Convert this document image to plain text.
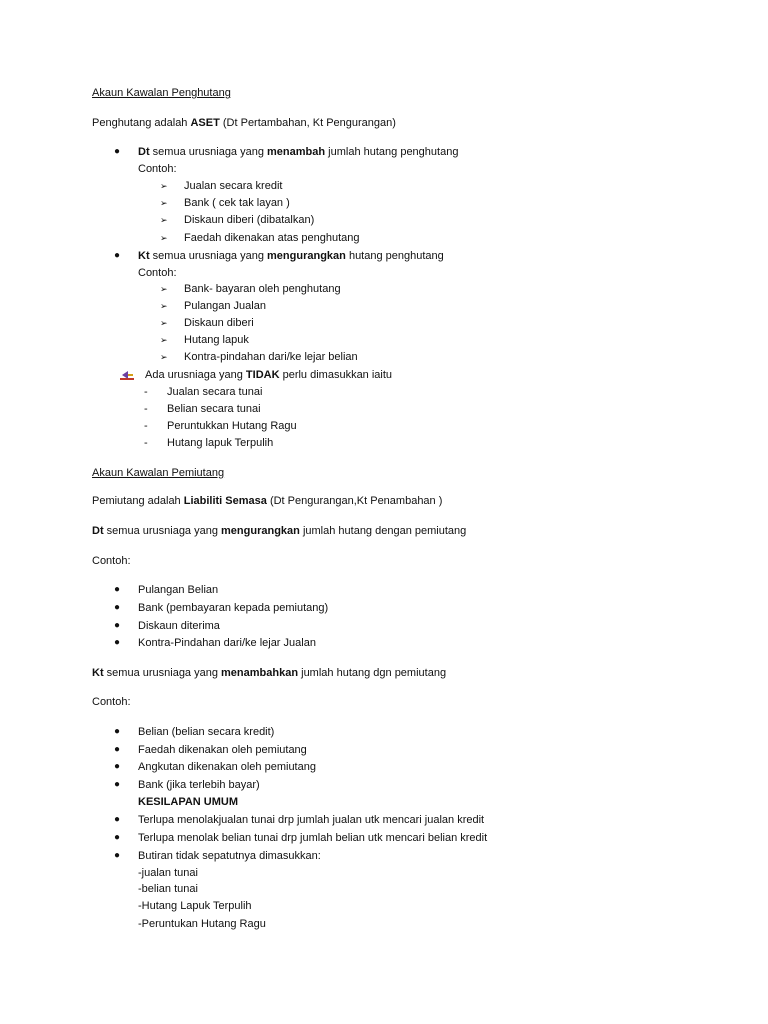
Akaun Kawalan Penghutang
Penghutang adalah ASET (Dt Pertambahan, Kt Pengurangan)
● Dt semua urusniaga yang menambah jumlah hutang penghutang
Contoh:
➢ Jualan secara kredit
➢ Bank ( cek tak layan )
➢ Diskaun diberi (dibatalkan)
➢ Faedah dikenakan atas penghutang
● Kt semua urusniaga yang mengurangkan hutang penghutang
Contoh:
➢ Bank- bayaran oleh penghutang
➢ Pulangan Jualan
➢ Diskaun diberi
➢ Hutang lapuk
➢ Kontra-pindahan dari/ke lejar belian
Ada urusniaga yang TIDAK perlu dimasukkan iaitu
- Jualan secara tunai
- Belian secara tunai
- Peruntukkan Hutang Ragu
- Hutang lapuk Terpulih
Akaun Kawalan Pemiutang
Pemiutang adalah Liabiliti Semasa (Dt Pengurangan,Kt Penambahan )
Dt semua urusniaga yang mengurangkan jumlah hutang dengan pemiutang
Contoh:
● Pulangan Belian
● Bank (pembayaran kepada pemiutang)
● Diskaun diterima
● Kontra-Pindahan dari/ke lejar Jualan
Kt semua urusniaga yang menambahkan jumlah hutang dgn pemiutang
Contoh:
● Belian (belian secara kredit)
● Faedah dikenakan oleh pemiutang
● Angkutan dikenakan oleh pemiutang
● Bank (jika terlebih bayar)
KESILAPAN UMUM
● Terlupa menolakjualan tunai drp jumlah jualan utk mencari jualan kredit
● Terlupa menolak belian tunai drp jumlah belian utk mencari belian kredit
● Butiran tidak sepatutnya dimasukkan:
-jualan tunai
-belian tunai
-Hutang Lapuk Terpulih
-Peruntukan Hutang Ragu
